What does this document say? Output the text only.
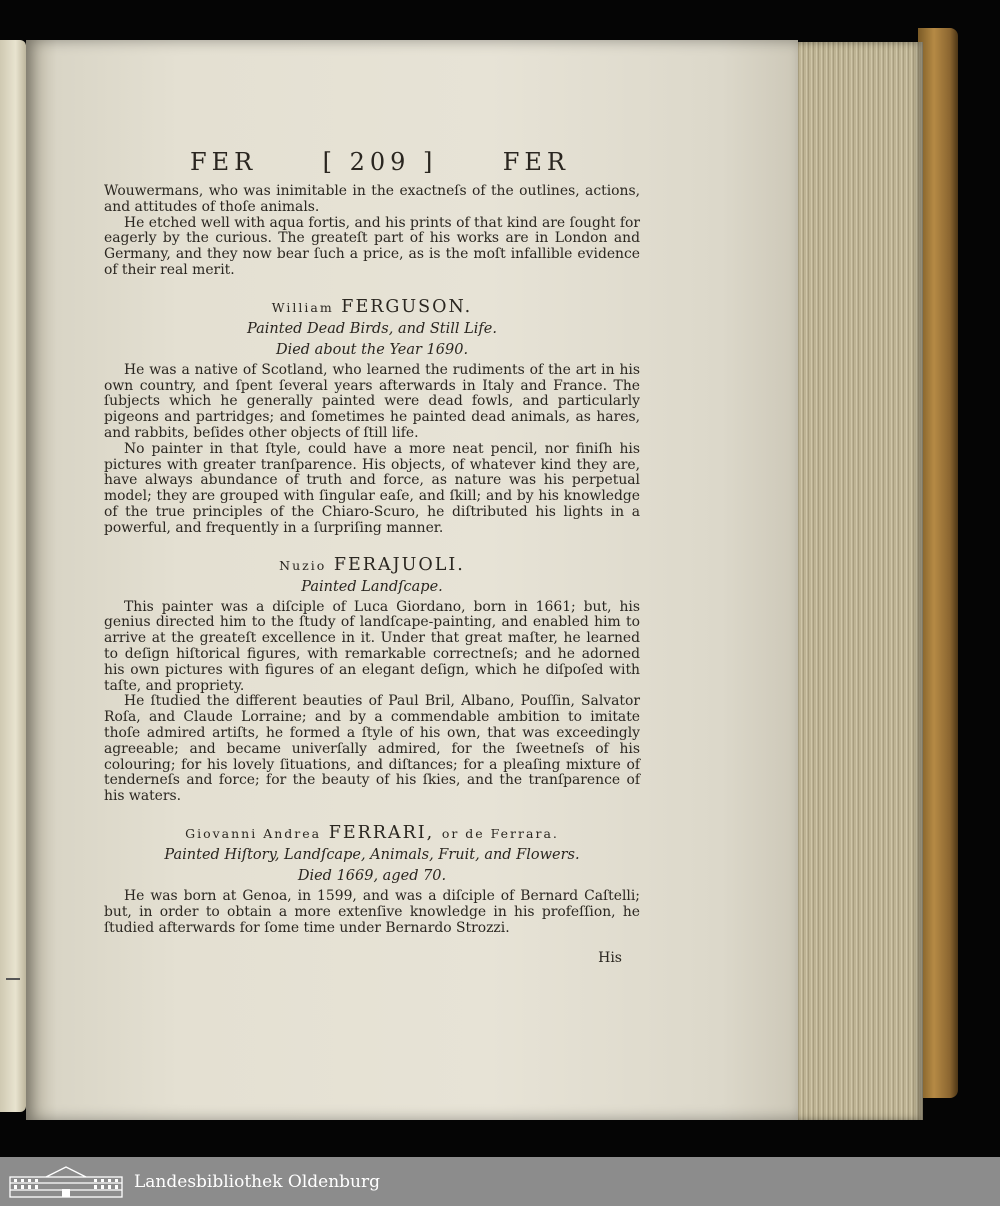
FER	[ 209 ]	FER

Wouwermans, who was inimitable in the exactneſs of the outlines, actions, and attitudes of thoſe animals.

He etched well with aqua fortis, and his prints of that kind are ſought for eagerly by the curious. The greateſt part of his works are in London and Germany, and they now bear ſuch a price, as is the moſt infallible evidence of their real merit.

William FERGUSON.
Painted Dead Birds, and Still Life.
Died about the Year 1690.

He was a native of Scotland, who learned the rudiments of the art in his own country, and ſpent ſeveral years afterwards in Italy and France. The ſubjects which he generally painted were dead fowls, and particularly pigeons and partridges; and ſometimes he painted dead animals, as hares, and rabbits, beſides other objects of ſtill life.

No painter in that ſtyle, could have a more neat pencil, nor finiſh his pictures with greater tranſparence. His objects, of whatever kind they are, have always abundance of truth and force, as nature was his perpetual model; they are grouped with ſingular eaſe, and ſkill; and by his knowledge of the true principles of the Chiaro-Scuro, he diſtributed his lights in a powerful, and frequently in a ſurpriſing manner.

Nuzio FERAJUOLI.
Painted Landſcape.

This painter was a diſciple of Luca Giordano, born in 1661; but, his genius directed him to the ſtudy of landſcape-painting, and enabled him to arrive at the greateſt excellence in it. Under that great maſter, he learned to deſign hiſtorical figures, with remarkable correctneſs; and he adorned his own pictures with figures of an elegant deſign, which he diſpoſed with taſte, and propriety.

He ſtudied the different beauties of Paul Bril, Albano, Pouſſin, Salvator Roſa, and Claude Lorraine; and by a commendable ambition to imitate thoſe admired artiſts, he formed a ſtyle of his own, that was exceedingly agreeable; and became univerſally admired, for the ſweetneſs of his colouring; for his lovely ſituations, and diſtances; for a pleaſing mixture of tenderneſs and force; for the beauty of his ſkies, and the tranſparence of his waters.

Giovanni Andrea FERRARI, or de Ferrara.
Painted Hiſtory, Landſcape, Animals, Fruit, and Flowers.
Died 1669, aged 70.

He was born at Genoa, in 1599, and was a diſciple of Bernard Caſtelli; but, in order to obtain a more extenſive knowledge in his profeſſion, he ſtudied afterwards for ſome time under Bernardo Strozzi.

His
Landesbibliothek Oldenburg
